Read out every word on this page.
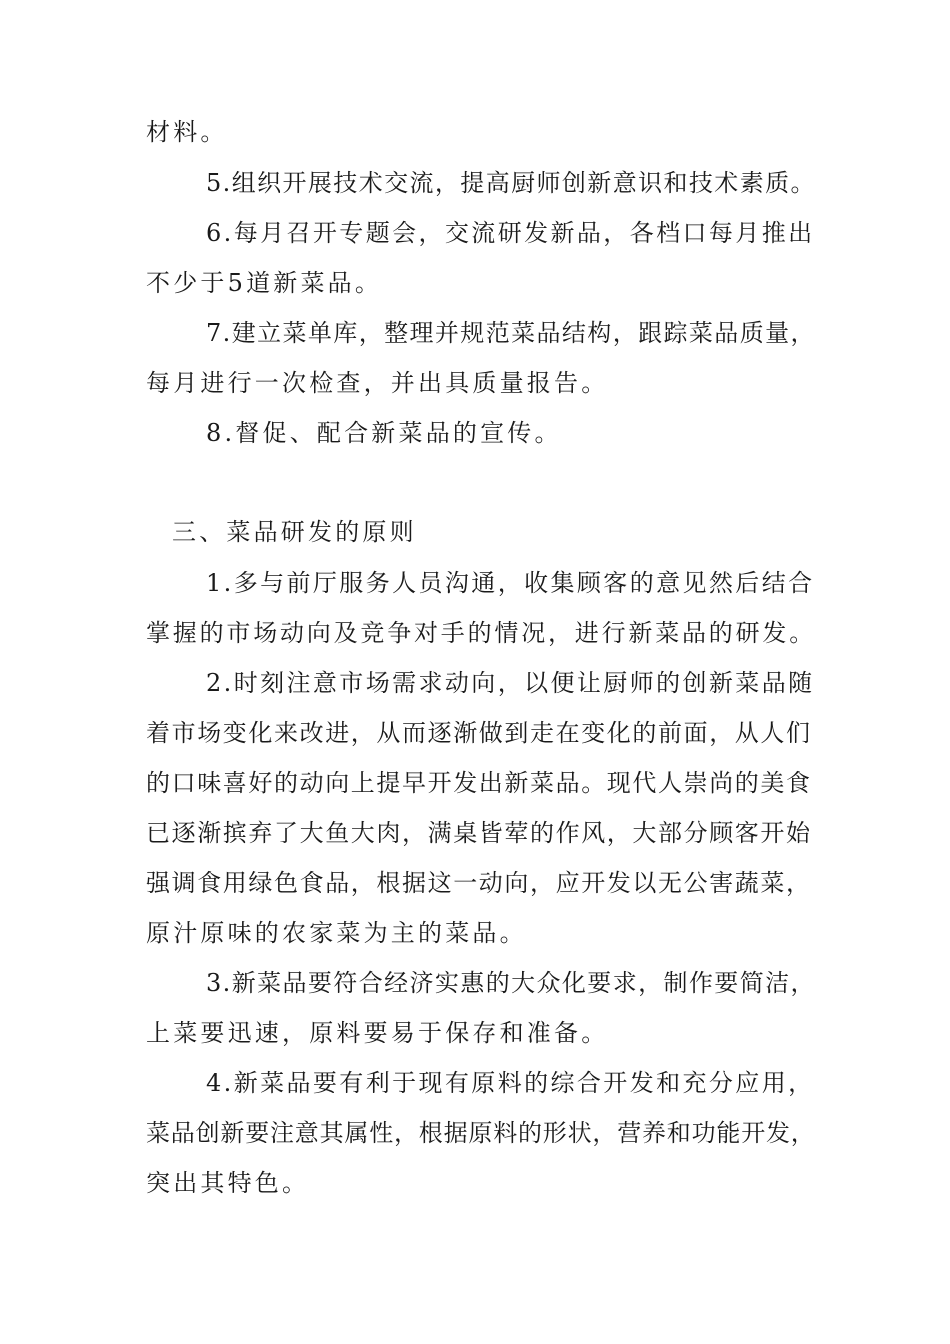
材料。
5.组织开展技术交流，提高厨师创新意识和技术素质。
6.每月召开专题会，交流研发新品，各档口每月推出
不少于5道新菜品。
7.建立菜单库，整理并规范菜品结构，跟踪菜品质量，
每月进行一次检查，并出具质量报告。
8.督促、配合新菜品的宣传。
三、菜品研发的原则
1.多与前厅服务人员沟通，收集顾客的意见然后结合
掌握的市场动向及竞争对手的情况，进行新菜品的研发。
2.时刻注意市场需求动向，以便让厨师的创新菜品随
着市场变化来改进，从而逐渐做到走在变化的前面，从人们
的口味喜好的动向上提早开发出新菜品。现代人崇尚的美食
已逐渐摈弃了大鱼大肉，满桌皆荤的作风，大部分顾客开始
强调食用绿色食品，根据这一动向，应开发以无公害蔬菜，
原汁原味的农家菜为主的菜品。
3.新菜品要符合经济实惠的大众化要求，制作要简洁，
上菜要迅速，原料要易于保存和准备。
4.新菜品要有利于现有原料的综合开发和充分应用，
菜品创新要注意其属性，根据原料的形状，营养和功能开发，
突出其特色。
